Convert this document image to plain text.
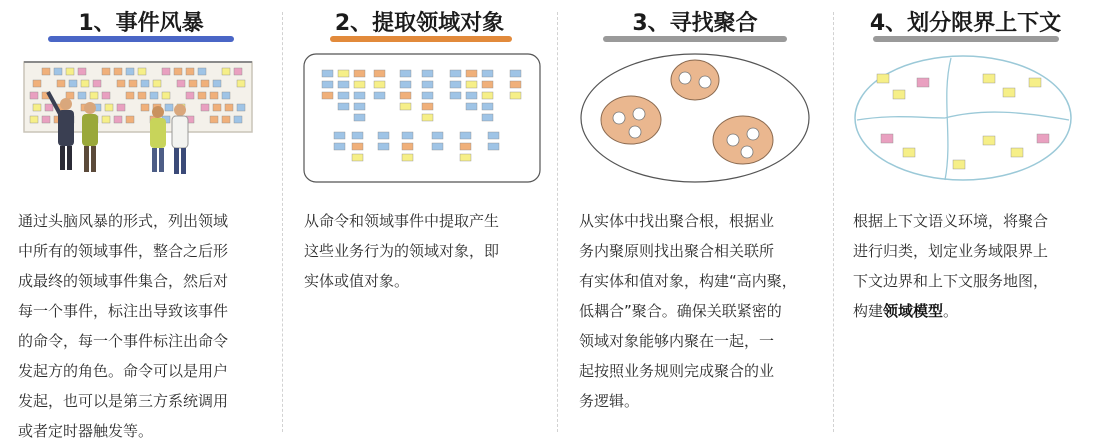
1、事件风暴
通过头脑风暴的形式，列出领域
中所有的领域事件，整合之后形
成最终的领域事件集合，然后对
每一个事件，标注出导致该事件
的命令，每一个事件标注出命令
发起方的角色。命令可以是用户
发起，也可以是第三方系统调用
或者定时器触发等。
2、提取领域对象
从命令和领域事件中提取产生
这些业务行为的领域对象，即
实体或值对象。
3、寻找聚合
从实体中找出聚合根，根据业
务内聚原则找出聚合相关联所
有实体和值对象，构建“高内聚，
低耦合”聚合。确保关联紧密的
领域对象能够内聚在一起，一
起按照业务规则完成聚合的业
务逻辑。
4、划分限界上下文
根据上下文语义环境，将聚合
进行归类，划定业务域限界上
下文边界和上下文服务地图，
构建领域模型。
